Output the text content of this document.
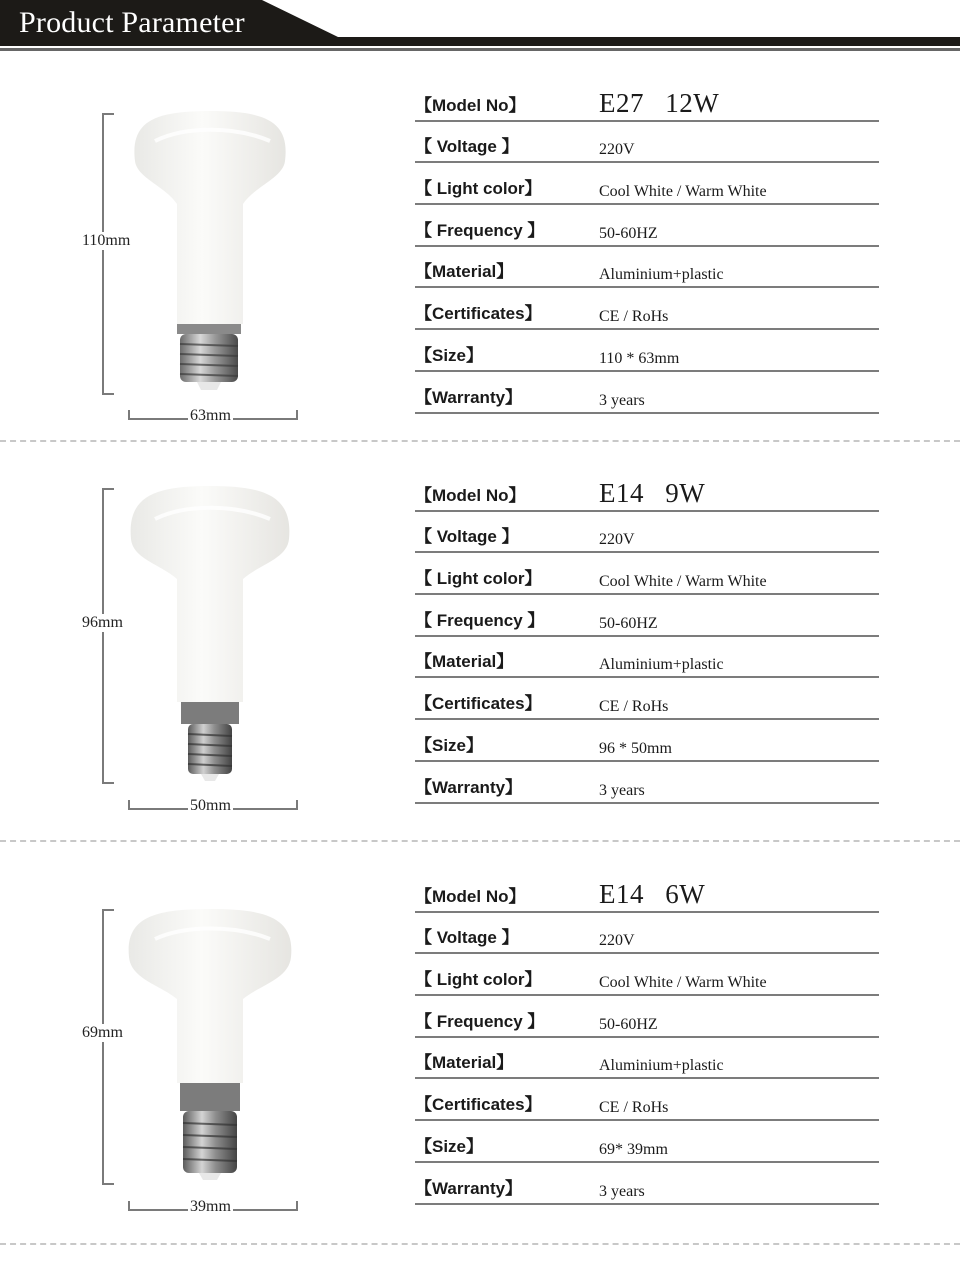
Product Parameter
110mm
63mm
【Model No】	E27 12W
【 Voltage 】	220V
【 Light color】	Cool White / Warm White
【 Frequency 】	50-60HZ
【Material】	Aluminium+plastic
【Certificates】	CE / RoHs
【Size】	110 * 63mm
【Warranty】	3 years
96mm
50mm
【Model No】	E14 9W
【 Voltage 】	220V
【 Light color】	Cool White / Warm White
【 Frequency 】	50-60HZ
【Material】	Aluminium+plastic
【Certificates】	CE / RoHs
【Size】	96 * 50mm
【Warranty】	3 years
69mm
39mm
【Model No】	E14 6W
【 Voltage 】	220V
【 Light color】	Cool White / Warm White
【 Frequency 】	50-60HZ
【Material】	Aluminium+plastic
【Certificates】	CE / RoHs
【Size】	69* 39mm
【Warranty】	3 years
